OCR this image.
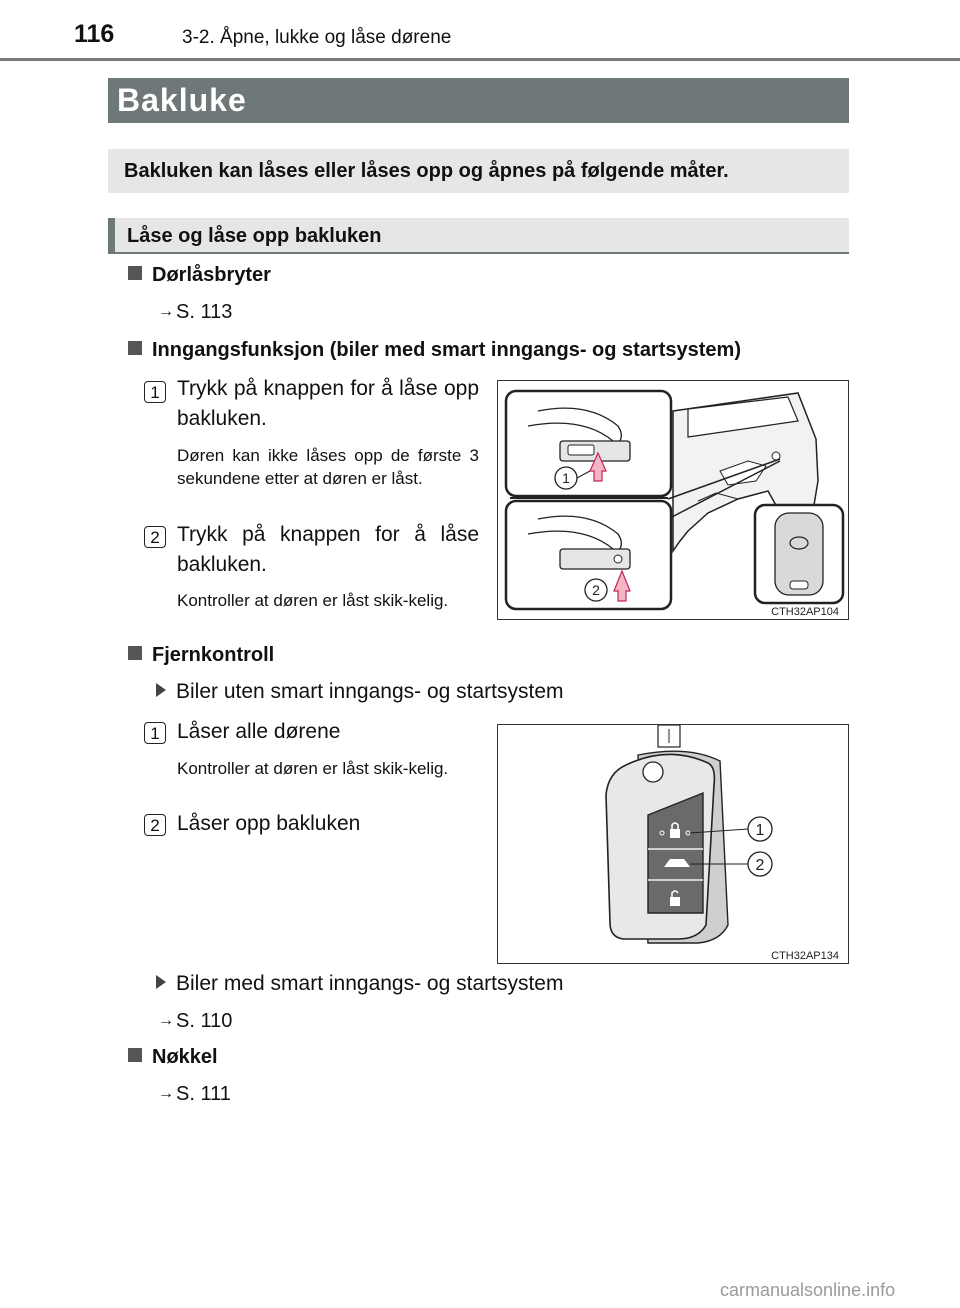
116	3-2. Åpne, lukke og låse dørene
Bakluke
Bakluken kan låses eller låses opp og åpnes på følgende måter.
Låse og låse opp bakluken
Dørlåsbryter
→ S. 113
Inngangsfunksjon (biler med smart inngangs- og startsystem)
1 Trykk på knappen for å låse opp bakluken.
Døren kan ikke låses opp de første 3 sekundene etter at døren er låst.
2 Trykk på knappen for å låse bakluken.
Kontroller at døren er låst skik-kelig.
1
2
CTH32AP104
Fjernkontroll
Biler uten smart inngangs- og startsystem
1 Låser alle dørene
Kontroller at døren er låst skik-kelig.
2 Låser opp bakluken	1
2
CTH32AP134
Biler med smart inngangs- og startsystem
→ S. 110
Nøkkel
→ S. 111
carmanualsonline.info
